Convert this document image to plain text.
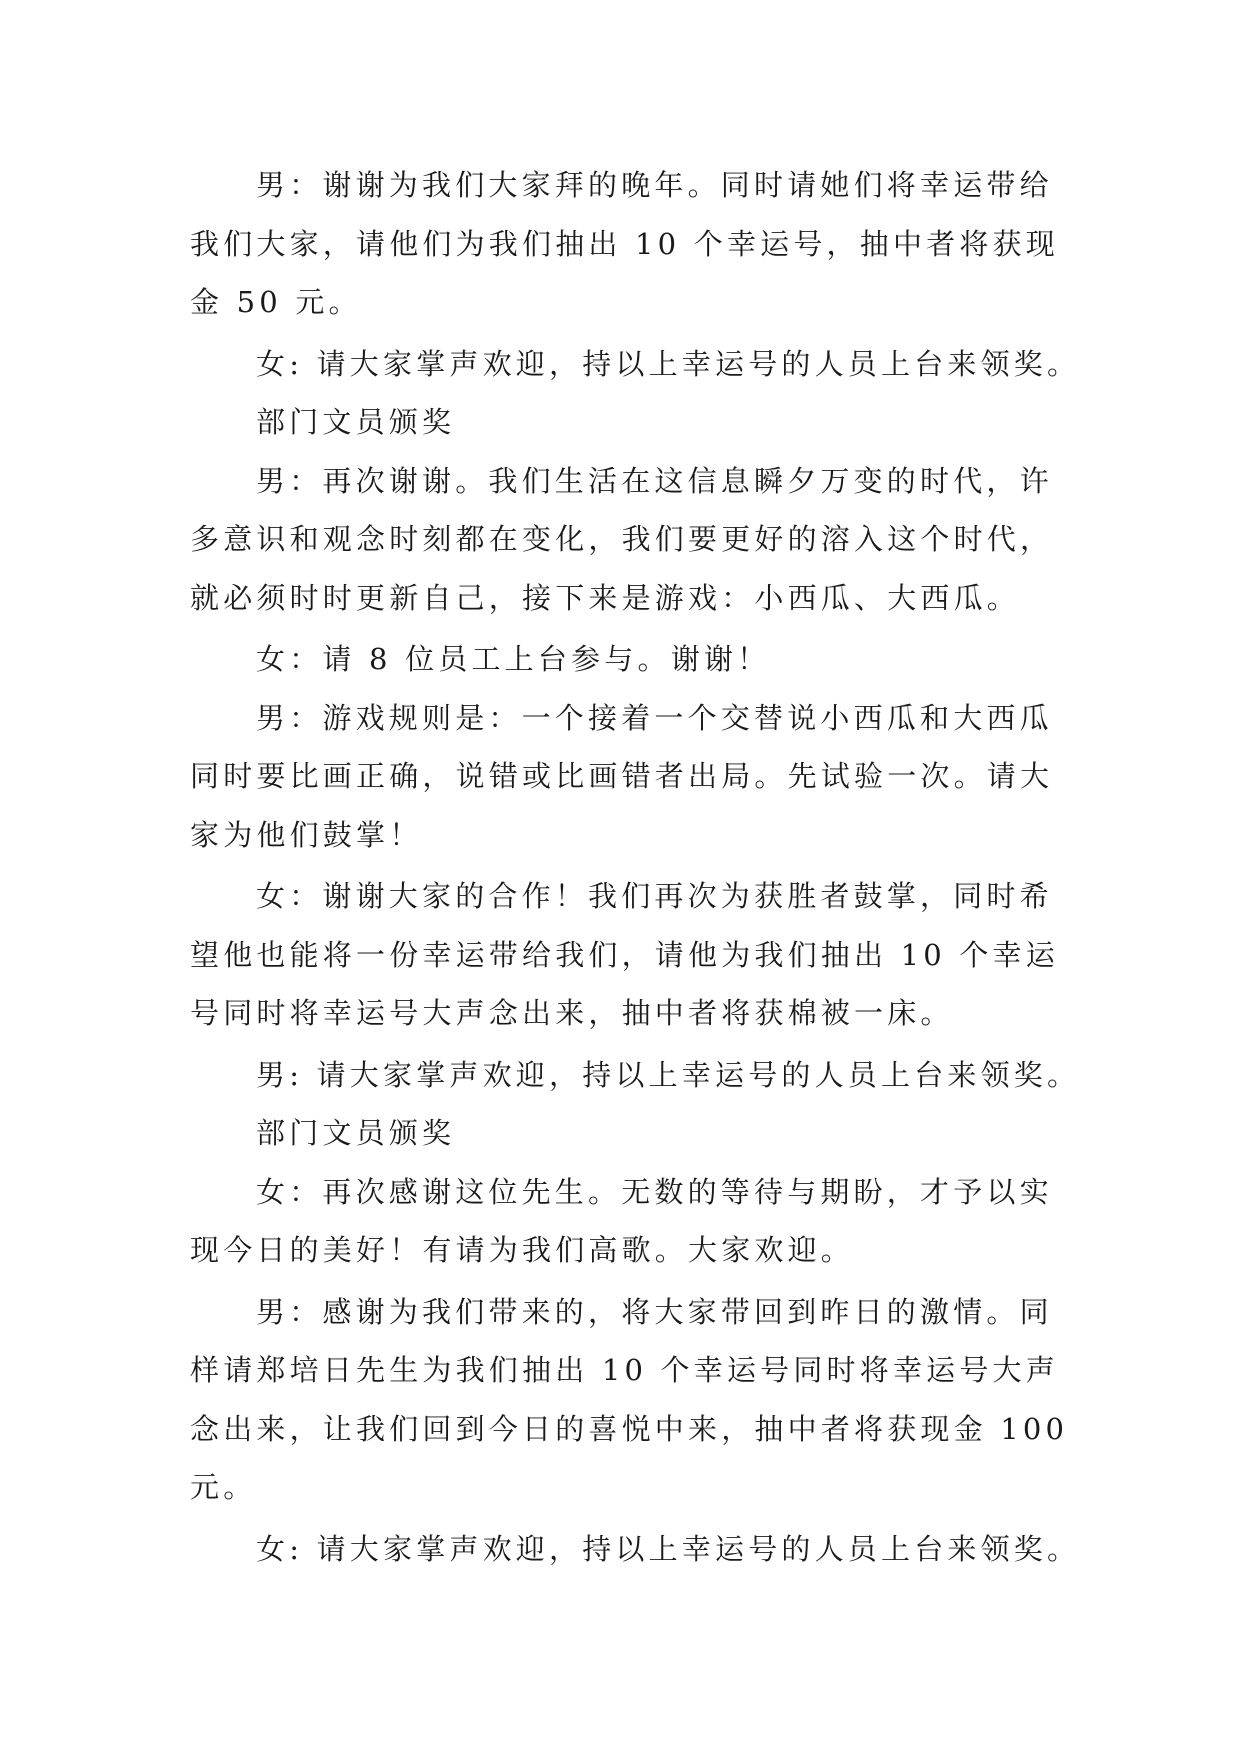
男：谢谢为我们大家拜的晚年。同时请她们将幸运带给
我们大家，请他们为我们抽出 10 个幸运号，抽中者将获现
金 50 元。

女: 请大家掌声欢迎，持以上幸运号的人员上台来领奖。

部门文员颁奖

男：再次谢谢。我们生活在这信息瞬夕万变的时代，许
多意识和观念时刻都在变化，我们要更好的溶入这个时代，
就必须时时更新自己，接下来是游戏：小西瓜、大西瓜。

女：请 8 位员工上台参与。谢谢！

男：游戏规则是：一个接着一个交替说小西瓜和大西瓜
同时要比画正确，说错或比画错者出局。先试验一次。请大
家为他们鼓掌！

女：谢谢大家的合作！我们再次为获胜者鼓掌，同时希
望他也能将一份幸运带给我们，请他为我们抽出 10 个幸运
号同时将幸运号大声念出来，抽中者将获棉被一床。

男: 请大家掌声欢迎，持以上幸运号的人员上台来领奖。

部门文员颁奖

女：再次感谢这位先生。无数的等待与期盼，才予以实
现今日的美好！有请为我们高歌。大家欢迎。

男：感谢为我们带来的，将大家带回到昨日的激情。同
样请郑培日先生为我们抽出 10 个幸运号同时将幸运号大声
念出来，让我们回到今日的喜悦中来，抽中者将获现金 100
元。

女: 请大家掌声欢迎，持以上幸运号的人员上台来领奖。
